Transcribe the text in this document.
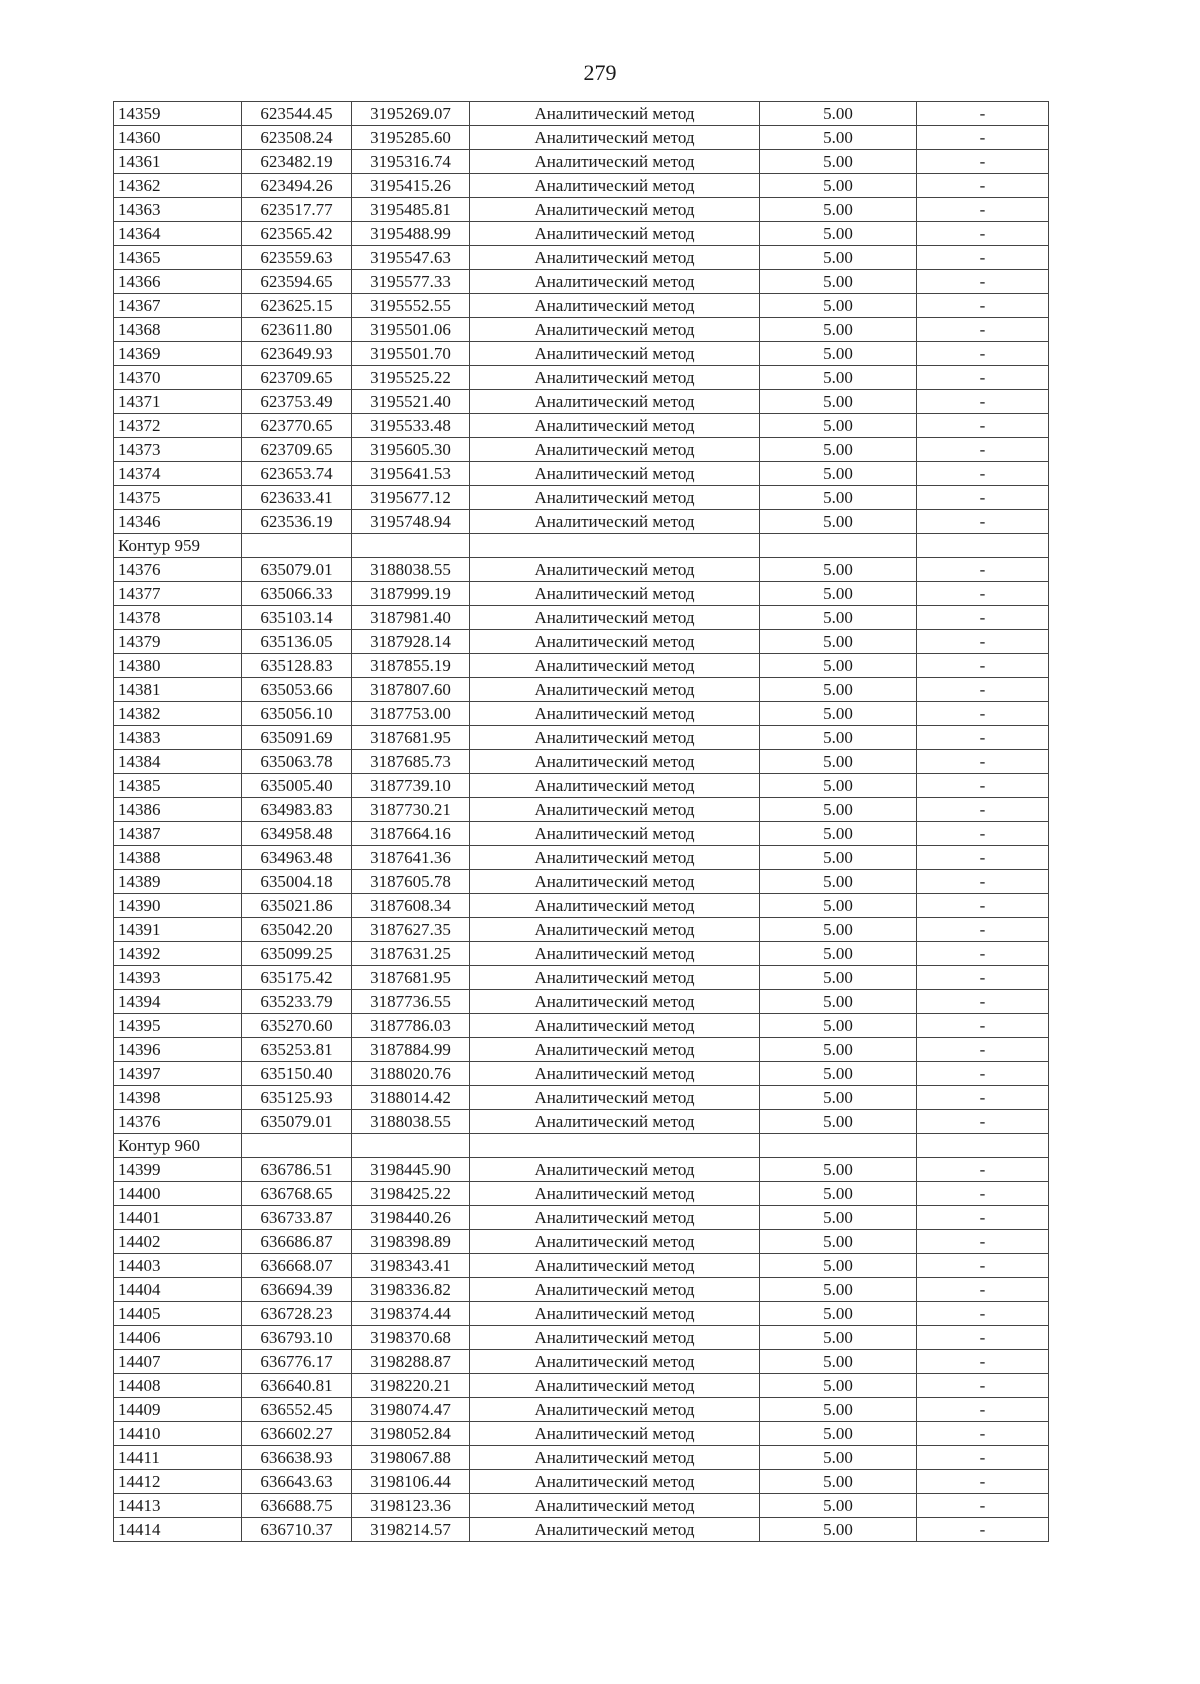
279
14359	623544.45	3195269.07	Аналитический метод	5.00	-
14360	623508.24	3195285.60	Аналитический метод	5.00	-
14361	623482.19	3195316.74	Аналитический метод	5.00	-
14362	623494.26	3195415.26	Аналитический метод	5.00	-
14363	623517.77	3195485.81	Аналитический метод	5.00	-
14364	623565.42	3195488.99	Аналитический метод	5.00	-
14365	623559.63	3195547.63	Аналитический метод	5.00	-
14366	623594.65	3195577.33	Аналитический метод	5.00	-
14367	623625.15	3195552.55	Аналитический метод	5.00	-
14368	623611.80	3195501.06	Аналитический метод	5.00	-
14369	623649.93	3195501.70	Аналитический метод	5.00	-
14370	623709.65	3195525.22	Аналитический метод	5.00	-
14371	623753.49	3195521.40	Аналитический метод	5.00	-
14372	623770.65	3195533.48	Аналитический метод	5.00	-
14373	623709.65	3195605.30	Аналитический метод	5.00	-
14374	623653.74	3195641.53	Аналитический метод	5.00	-
14375	623633.41	3195677.12	Аналитический метод	5.00	-
14346	623536.19	3195748.94	Аналитический метод	5.00	-
Контур 959					
14376	635079.01	3188038.55	Аналитический метод	5.00	-
14377	635066.33	3187999.19	Аналитический метод	5.00	-
14378	635103.14	3187981.40	Аналитический метод	5.00	-
14379	635136.05	3187928.14	Аналитический метод	5.00	-
14380	635128.83	3187855.19	Аналитический метод	5.00	-
14381	635053.66	3187807.60	Аналитический метод	5.00	-
14382	635056.10	3187753.00	Аналитический метод	5.00	-
14383	635091.69	3187681.95	Аналитический метод	5.00	-
14384	635063.78	3187685.73	Аналитический метод	5.00	-
14385	635005.40	3187739.10	Аналитический метод	5.00	-
14386	634983.83	3187730.21	Аналитический метод	5.00	-
14387	634958.48	3187664.16	Аналитический метод	5.00	-
14388	634963.48	3187641.36	Аналитический метод	5.00	-
14389	635004.18	3187605.78	Аналитический метод	5.00	-
14390	635021.86	3187608.34	Аналитический метод	5.00	-
14391	635042.20	3187627.35	Аналитический метод	5.00	-
14392	635099.25	3187631.25	Аналитический метод	5.00	-
14393	635175.42	3187681.95	Аналитический метод	5.00	-
14394	635233.79	3187736.55	Аналитический метод	5.00	-
14395	635270.60	3187786.03	Аналитический метод	5.00	-
14396	635253.81	3187884.99	Аналитический метод	5.00	-
14397	635150.40	3188020.76	Аналитический метод	5.00	-
14398	635125.93	3188014.42	Аналитический метод	5.00	-
14376	635079.01	3188038.55	Аналитический метод	5.00	-
Контур 960					
14399	636786.51	3198445.90	Аналитический метод	5.00	-
14400	636768.65	3198425.22	Аналитический метод	5.00	-
14401	636733.87	3198440.26	Аналитический метод	5.00	-
14402	636686.87	3198398.89	Аналитический метод	5.00	-
14403	636668.07	3198343.41	Аналитический метод	5.00	-
14404	636694.39	3198336.82	Аналитический метод	5.00	-
14405	636728.23	3198374.44	Аналитический метод	5.00	-
14406	636793.10	3198370.68	Аналитический метод	5.00	-
14407	636776.17	3198288.87	Аналитический метод	5.00	-
14408	636640.81	3198220.21	Аналитический метод	5.00	-
14409	636552.45	3198074.47	Аналитический метод	5.00	-
14410	636602.27	3198052.84	Аналитический метод	5.00	-
14411	636638.93	3198067.88	Аналитический метод	5.00	-
14412	636643.63	3198106.44	Аналитический метод	5.00	-
14413	636688.75	3198123.36	Аналитический метод	5.00	-
14414	636710.37	3198214.57	Аналитический метод	5.00	-
